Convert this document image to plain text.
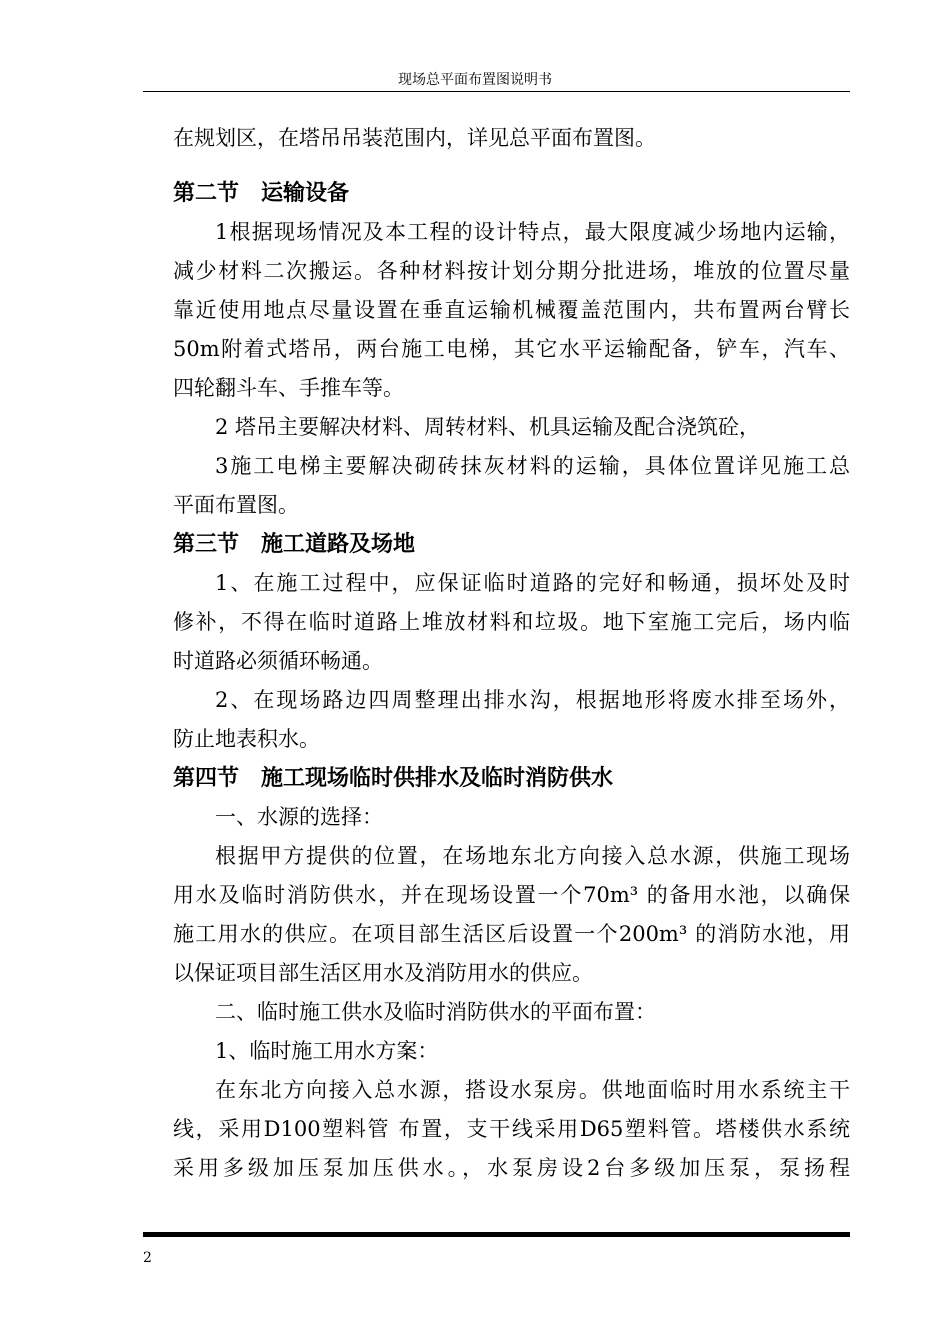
现场总平面布置图说明书
在规划区，在塔吊吊装范围内，详见总平面布置图。
第二节　运输设备
1根据现场情况及本工程的设计特点，最大限度减少场地内运输，
减少材料二次搬运。各种材料按计划分期分批进场，堆放的位置尽量
靠近使用地点尽量设置在垂直运输机械覆盖范围内，共布置两台臂长
50m附着式塔吊，两台施工电梯，其它水平运输配备，铲车，汽车、
四轮翻斗车、手推车等。
2 塔吊主要解决材料、周转材料、机具运输及配合浇筑砼，
3施工电梯主要解决砌砖抹灰材料的运输，具体位置详见施工总
平面布置图。
第三节　施工道路及场地
1、在施工过程中，应保证临时道路的完好和畅通，损坏处及时
修补，不得在临时道路上堆放材料和垃圾。地下室施工完后，场内临
时道路必须循环畅通。
2、在现场路边四周整理出排水沟，根据地形将废水排至场外，
防止地表积水。
第四节　施工现场临时供排水及临时消防供水
一、水源的选择：
根据甲方提供的位置，在场地东北方向接入总水源，供施工现场
用水及临时消防供水，并在现场设置一个70m³ 的备用水池，以确保
施工用水的供应。在项目部生活区后设置一个200m³ 的消防水池，用
以保证项目部生活区用水及消防用水的供应。
二、临时施工供水及临时消防供水的平面布置：
1、临时施工用水方案：
在东北方向接入总水源，搭设水泵房。供地面临时用水系统主干
线，采用D100塑料管 布置，支干线采用D65塑料管。塔楼供水系统
采用多级加压泵加压供水。，水泵房设2台多级加压泵，泵扬程
2
